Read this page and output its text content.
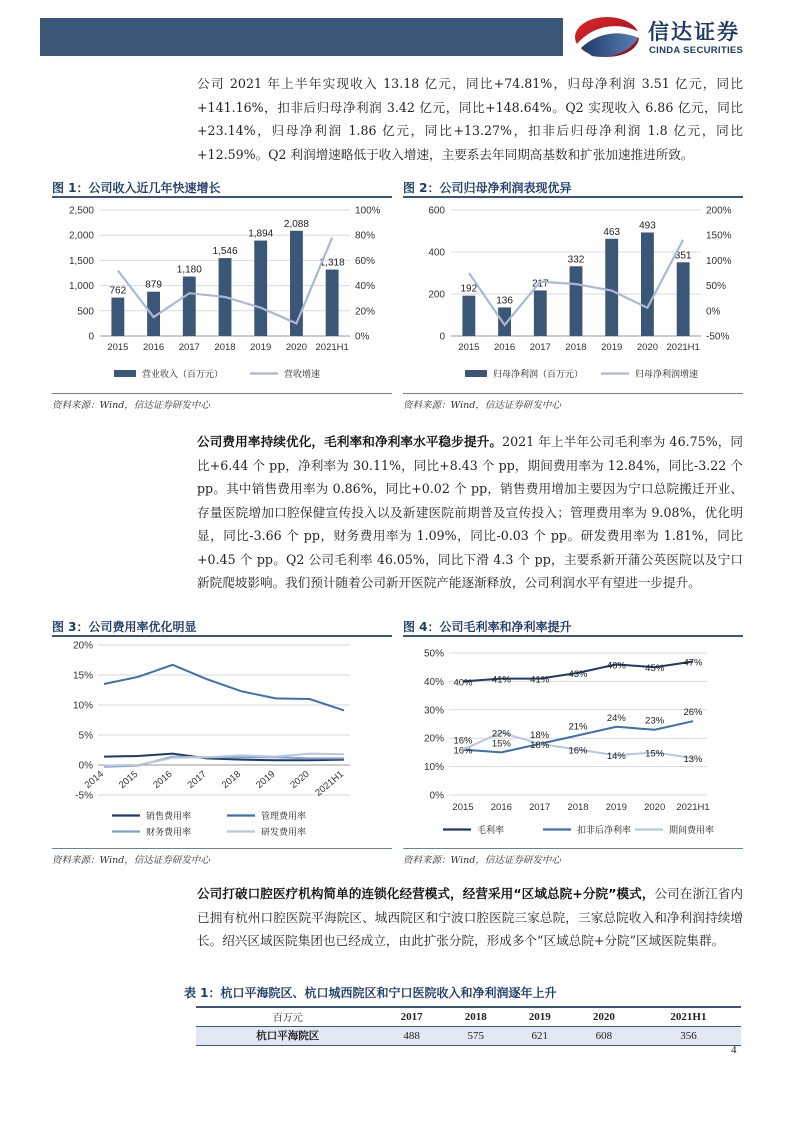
信达证券
CINDA SECURITIES
公司 2021 年上半年实现收入 13.18 亿元，同比+74.81%，归母净利润 3.51 亿元，同比+141.16%，扣非后归母净利润 3.42 亿元，同比+148.64%。Q2 实现收入 6.86 亿元，同比+23.14%，归母净利润 1.86 亿元，同比+13.27%，扣非后归母净利润 1.8 亿元，同比+12.59%。Q2 利润增速略低于收入增速，主要系去年同期高基数和扩张加速推进所致。
图 1：公司收入近几年快速增长	图 2：公司归母净利润表现优异
0
500
1,000
1,500
2,000
2,500
0%
20%
40%
60%
80%
100%
762
2015
879
2016
1,180
2017
1,546
2018
1,894
2019
2,088
2020
1,318
2021H1
营业收入（百万元）	营收增速
0
200
400
600
-50%
0%
50%
100%
150%
200%
192
2015
136
2016
217
2017
332
2018
463
2019
493
2020
351
2021H1
归母净利润（百万元）	归母净利润增速
资料来源：Wind，信达证券研发中心	资料来源：Wind，信达证券研发中心
公司费用率持续优化，毛利率和净利率水平稳步提升。2021 年上半年公司毛利率为 46.75%，同比+6.44 个 pp，净利率为 30.11%，同比+8.43 个 pp，期间费用率为 12.84%，同比-3.22 个 pp。其中销售费用率为 0.86%，同比+0.02 个 pp，销售费用增加主要因为宁口总院搬迁开业、存量医院增加口腔保健宣传投入以及新建医院前期普及宣传投入；管理费用率为 9.08%，优化明显，同比-3.66 个 pp，财务费用率为 1.09%，同比-0.03 个 pp。研发费用率为 1.81%，同比+0.45 个 pp。Q2 公司毛利率 46.05%，同比下滑 4.3 个 pp，主要系新开蒲公英医院以及宁口新院爬坡影响。我们预计随着公司新开医院产能逐渐释放，公司利润水平有望进一步提升。
图 3：公司费用率优化明显	图 4：公司毛利率和净利率提升
-5%
0%
5%
10%
15%
20%
2014 2015 2016 2017 2018 2019 2020 2021H1
销售费用率	管理费用率
财务费用率	研发费用率
0%
10%
20%
30%
40%
50%
2015 2016 2017 2018 2019 2020 2021H1
40% 41% 41%
43%
46% 45%
47%
16%
15%
18%
21%
24% 23%
26%
16%
22%
18%
16%
14% 15%
13%
毛利率	扣非后净利率	期间费用率
资料来源：Wind，信达证券研发中心	资料来源：Wind，信达证券研发中心
公司打破口腔医疗机构简单的连锁化经营模式，经营采用“区域总院+分院”模式，公司在浙江省内已拥有杭州口腔医院平海院区、城西院区和宁波口腔医院三家总院，三家总院收入和净利润持续增长。绍兴区域医院集团也已经成立，由此扩张分院，形成多个“区域总院+分院”区域医院集群。
表 1：杭口平海院区、杭口城西院区和宁口医院收入和净利润逐年上升
百万元	2017	2018	2019	2020	2021H1
杭口平海院区	488	575	621	608	356
4
